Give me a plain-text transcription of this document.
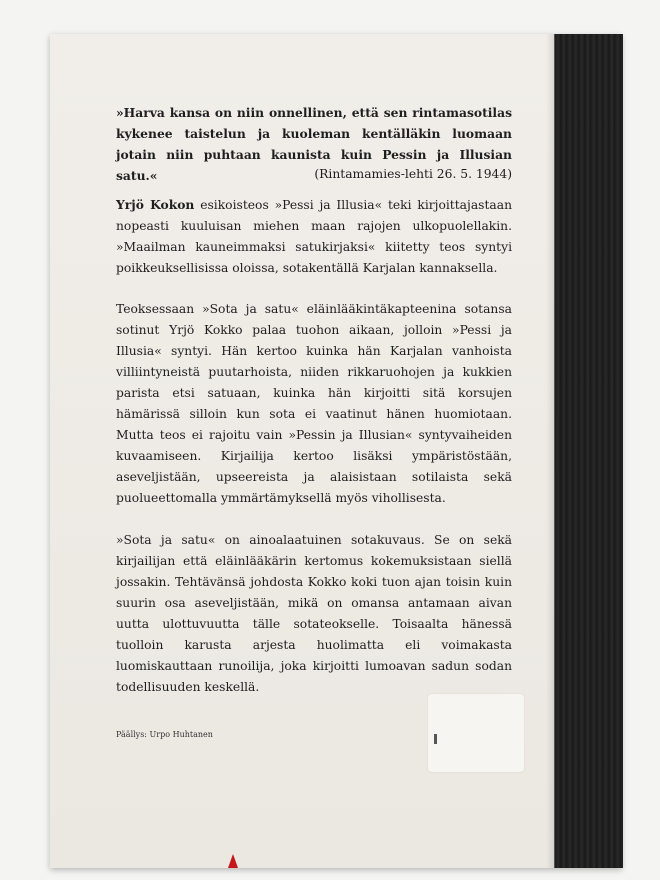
»Harva kansa on niin onnellinen, että sen rintamasotilas kykenee taistelun ja kuoleman kentälläkin luomaan jotain niin puhtaan kaunista kuin Pessin ja Illusian satu.«	(Rintamamies-lehti 26. 5. 1944)
Yrjö Kokon esikoisteos »Pessi ja Illusia« teki kirjoittajastaan nopeasti kuuluisan miehen maan rajojen ulkopuolellakin. »Maailman kauneimmaksi satukirjaksi« kiitetty teos syntyi poikkeuksellisissa oloissa, sotakentällä Karjalan kannaksella.
Teoksessaan »Sota ja satu« eläinlääkintäkapteenina sotansa sotinut Yrjö Kokko palaa tuohon aikaan, jolloin »Pessi ja Illusia« syntyi. Hän kertoo kuinka hän Karjalan vanhoista villiintyneistä puutarhoista, niiden rikkaruohojen ja kukkien parista etsi satuaan, kuinka hän kirjoitti sitä korsujen hämärissä silloin kun sota ei vaatinut hänen huomiotaan. Mutta teos ei rajoitu vain »Pessin ja Illusian« syntyvaiheiden kuvaamiseen. Kirjailija kertoo lisäksi ympäristöstään, aseveljistään, upseereista ja alaisistaan sotilaista sekä puolueettomalla ymmärtämyksellä myös vihollisesta.
»Sota ja satu« on ainoalaatuinen sotakuvaus. Se on sekä kirjailijan että eläinlääkärin kertomus kokemuksistaan siellä jossakin. Tehtävänsä johdosta Kokko koki tuon ajan toisin kuin suurin osa aseveljistään, mikä on omansa antamaan aivan uutta ulottuvuutta tälle sotateokselle. Toisaalta hänessä tuolloin karusta arjesta huolimatta eli voimakasta luomiskauttaan runoilija, joka kirjoitti lumoavan sadun sodan todellisuuden keskellä.
Päällys: Urpo Huhtanen
